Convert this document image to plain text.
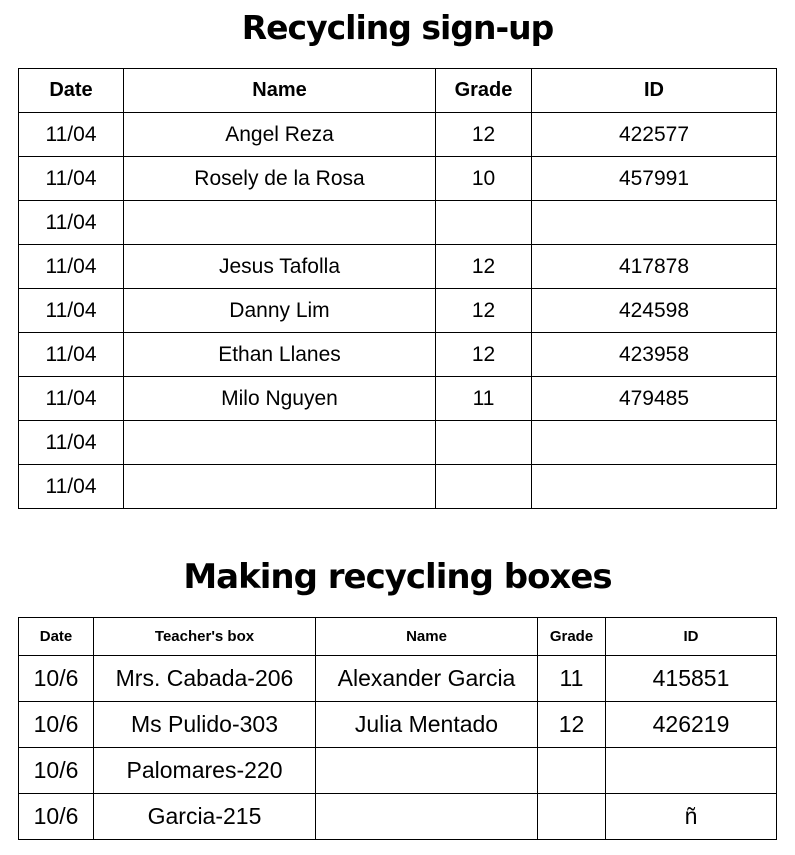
Recycling sign-up
Date	Name	Grade	ID
11/04	Angel Reza	12	422577
11/04	Rosely de la Rosa	10	457991
11/04			
11/04	Jesus Tafolla	12	417878
11/04	Danny Lim	12	424598
11/04	Ethan Llanes	12	423958
11/04	Milo Nguyen	11	479485
11/04			
11/04			
Making recycling boxes
Date	Teacher's box	Name	Grade	ID
10/6	Mrs. Cabada-206	Alexander Garcia	11	415851
10/6	Ms Pulido-303	Julia Mentado	12	426219
10/6	Palomares-220			
10/6	Garcia-215			ñ
